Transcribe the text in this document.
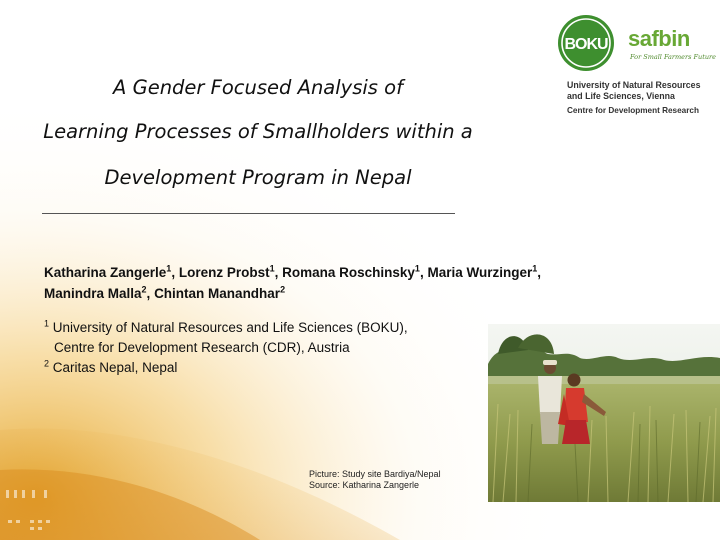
A Gender Focused Analysis of
Learning Processes of Smallholders within a
Development Program in Nepal
Katharina Zangerle$^1$, Lorenz Probst$^1$, Romana Roschinsky$^1$, Maria Wurzinger$^1$,
Manindra Malla$^2$, Chintan Manandhar$^2$
$^1$ University of Natural Resources and Life Sciences (BOKU),
Centre for Development Research (CDR), Austria
$^2$ Caritas Nepal, Nepal
Picture: Study site Bardiya/Nepal
Source: Katharina Zangerle
BOKU safbin
For Small Farmers Future
University of Natural Resources
and Life Sciences, Vienna
Centre for Development Research
